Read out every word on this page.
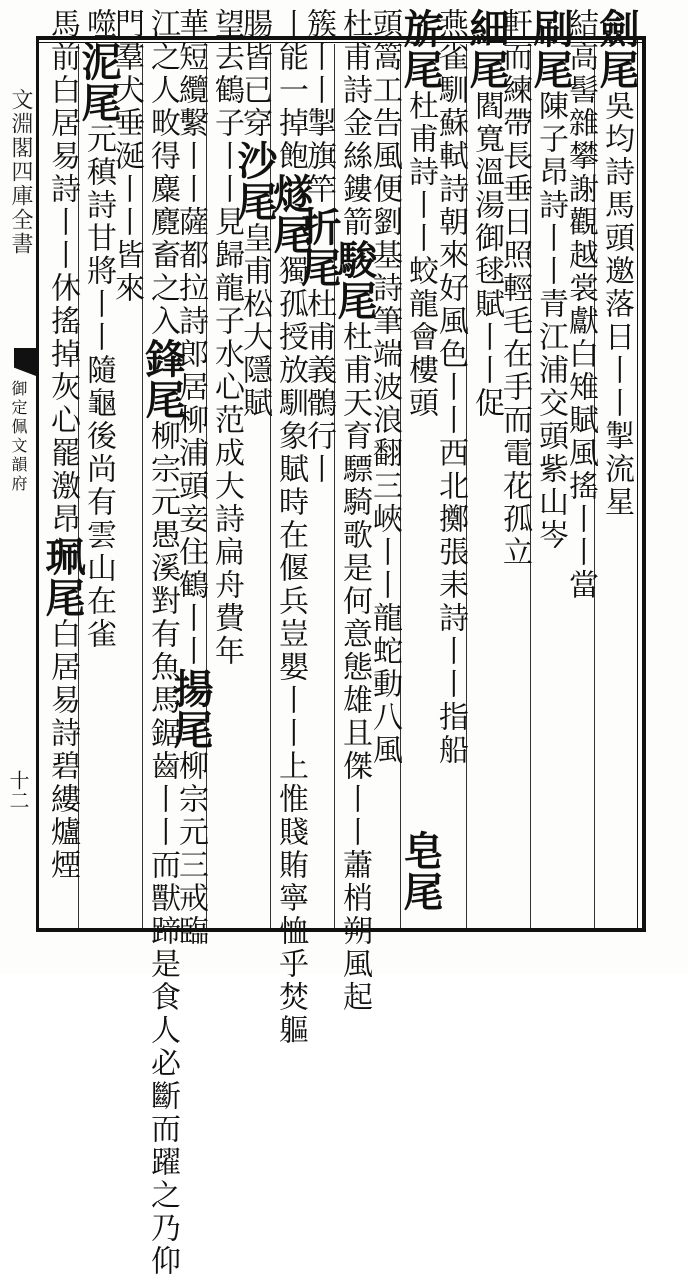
文淵閣四庫全書
御定佩文韻府
十二
劍尾吳均詩馬頭邀落日丨丨掣流星
結高髻雜攀謝觀越裳獻白雉賦風搖丨丨當
刷尾陳子昂詩丨丨青江浦交頭紫山岑
軒而練帶長垂日照輕毛在手而電花孤立
細尾閻寬溫湯御毬賦丨丨促
燕雀馴蘇軾詩朝來好風色丨丨西北擲張耒詩丨丨指船
旂尾杜甫詩丨丨蛟龍會樓頭
頭篙工告風便劉基詩筆端波浪翻三峽丨丨龍蛇動八風
杜甫詩金絲鏤箭駿尾杜甫天育驃騎歌是何意態雄且傑丨丨蕭梢朔風起
簇丨丨掣旗竿折尾杜甫義鶻行丨
丨能一掉飽燧尾獨孤授放馴象賦時在偃兵豈嬰丨丨上惟賤賄寧恤乎焚軀
腸皆已穿沙尾皇甫松大隱賦
望去鶴子丨丨見歸龍子水心范成大詩扁舟費年
華短纜繫丨丨薩都拉詩郎居柳浦頭妾住鶴丨丨揚尾柳宗元三戒臨
江之人畋得麋麑畜之入鋒尾柳宗元愚溪對有魚馬鋸齒丨丨而獸蹄是食人必斷而躍之乃仰
門羣犬垂涎丨丨皆來
噬泥尾元稹詩甘將丨丨隨龜後尚有雲山在雀
馬前白居易詩丨丨休搖掉灰心罷激昂珮尾白居易詩碧縷爐煙	皂尾
